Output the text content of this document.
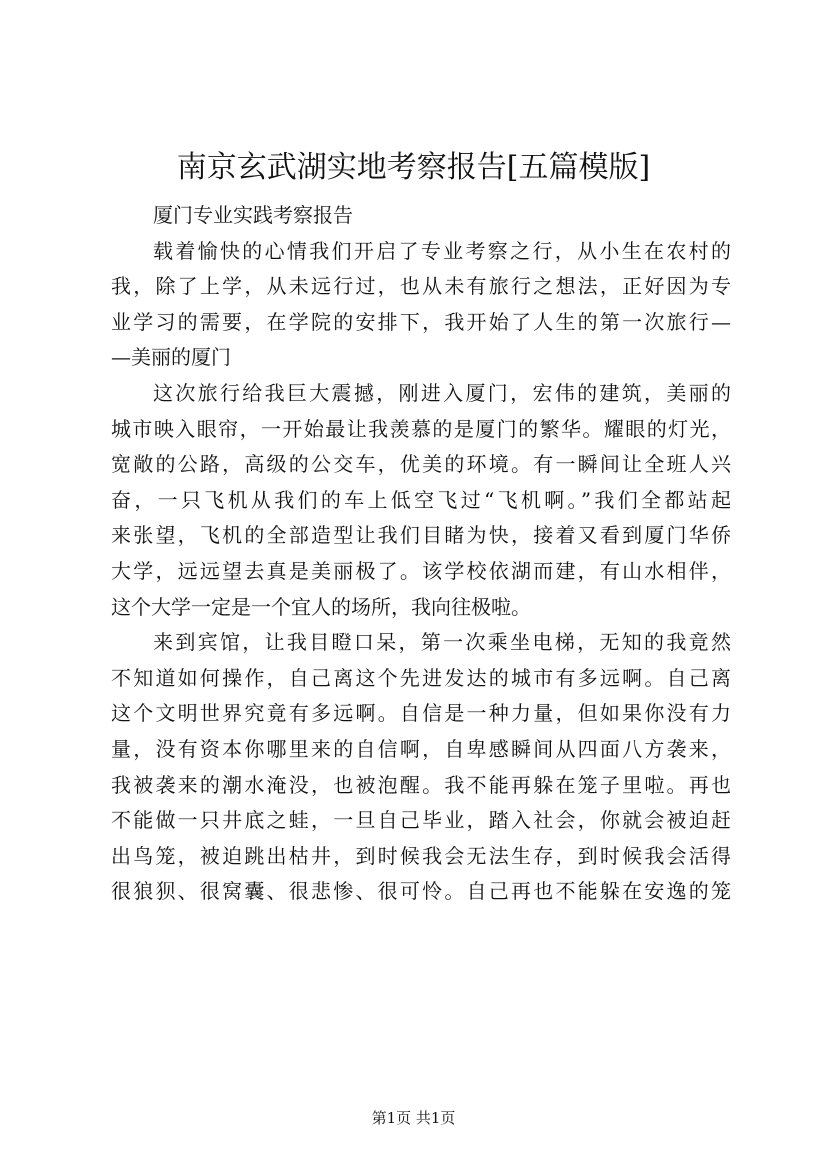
南京玄武湖实地考察报告[五篇模版]
厦门专业实践考察报告
载着愉快的心情我们开启了专业考察之行，从小生在农村的
我，除了上学，从未远行过，也从未有旅行之想法，正好因为专
业学习的需要，在学院的安排下，我开始了人生的第一次旅行—
—美丽的厦门
这次旅行给我巨大震撼，刚进入厦门，宏伟的建筑，美丽的
城市映入眼帘，一开始最让我羡慕的是厦门的繁华。耀眼的灯光，
宽敞的公路，高级的公交车，优美的环境。有一瞬间让全班人兴
奋，一只飞机从我们的车上低空飞过“飞机啊。”我们全都站起
来张望，飞机的全部造型让我们目睹为快，接着又看到厦门华侨
大学，远远望去真是美丽极了。该学校依湖而建，有山水相伴，
这个大学一定是一个宜人的场所，我向往极啦。
来到宾馆，让我目瞪口呆，第一次乘坐电梯，无知的我竟然
不知道如何操作，自己离这个先进发达的城市有多远啊。自己离
这个文明世界究竟有多远啊。自信是一种力量，但如果你没有力
量，没有资本你哪里来的自信啊，自卑感瞬间从四面八方袭来，
我被袭来的潮水淹没，也被泡醒。我不能再躲在笼子里啦。再也
不能做一只井底之蛙，一旦自己毕业，踏入社会，你就会被迫赶
出鸟笼，被迫跳出枯井，到时候我会无法生存，到时候我会活得
很狼狈、很窝囊、很悲惨、很可怜。自己再也不能躲在安逸的笼
第1页 共1页
